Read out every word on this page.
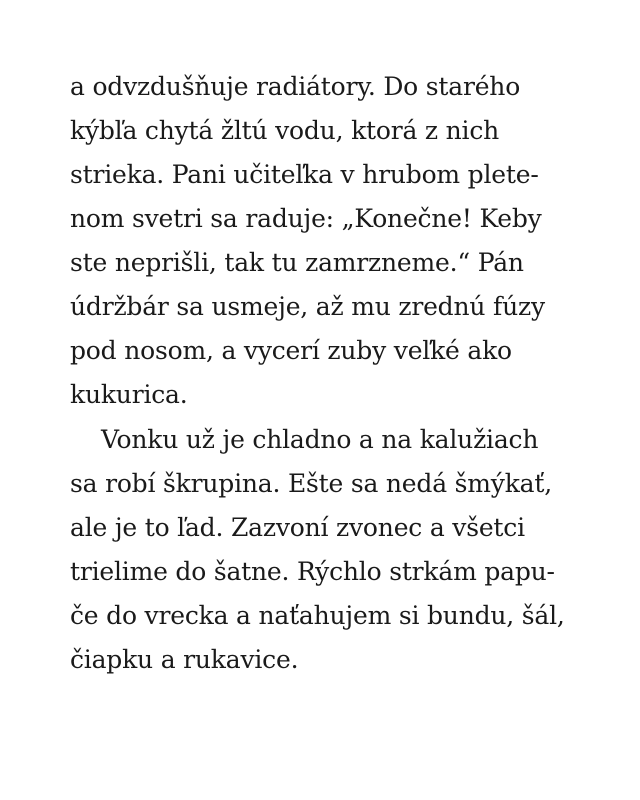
a odvzdušňuje radiátory. Do starého
kýbľa chytá žltú vodu, ktorá z nich
strieka. Pani učiteľka v hrubom plete-
nom svetri sa raduje: „Konečne! Keby
ste neprišli, tak tu zamrzneme.“ Pán
údržbár sa usmeje, až mu zrednú fúzy
pod nosom, a vycerí zuby veľké ako
kukurica.
Vonku už je chladno a na kalužiach
sa robí škrupina. Ešte sa nedá šmýkať,
ale je to ľad. Zazvoní zvonec a všetci
trielime do šatne. Rýchlo strkám papu-
če do vrecka a naťahujem si bundu, šál,
čiapku a rukavice.
